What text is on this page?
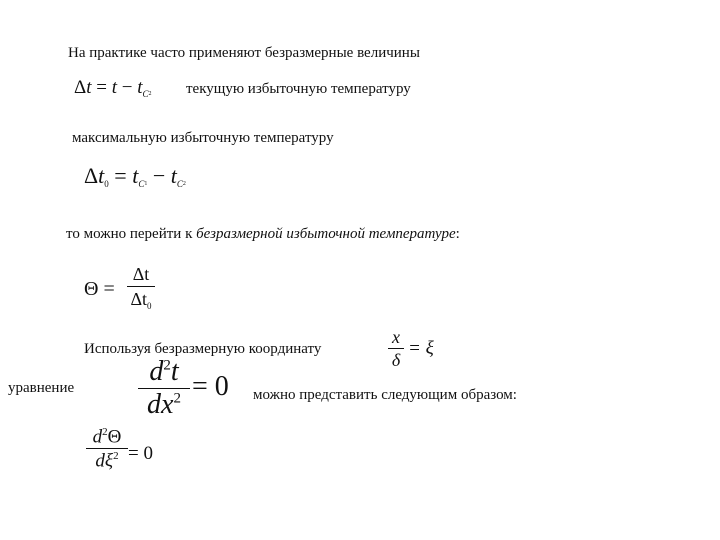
На практике часто применяют безразмерные величины
$\Delta t = t - t_C2$ текущую избыточную температуру
максимальную избыточную температуру
$\Delta t_0 = t_C1 - t_C2$
то можно перейти к безразмерной избыточной температуре:
Θ =
Δt
$\Delta t_0$
Используя безразмерную координату
x
δ
= ξ
уравнение
$d^2t$
$dx^2 = 0$ можно представить следующим образом:
$d^2\Theta$
$d\xi^2 = 0$
